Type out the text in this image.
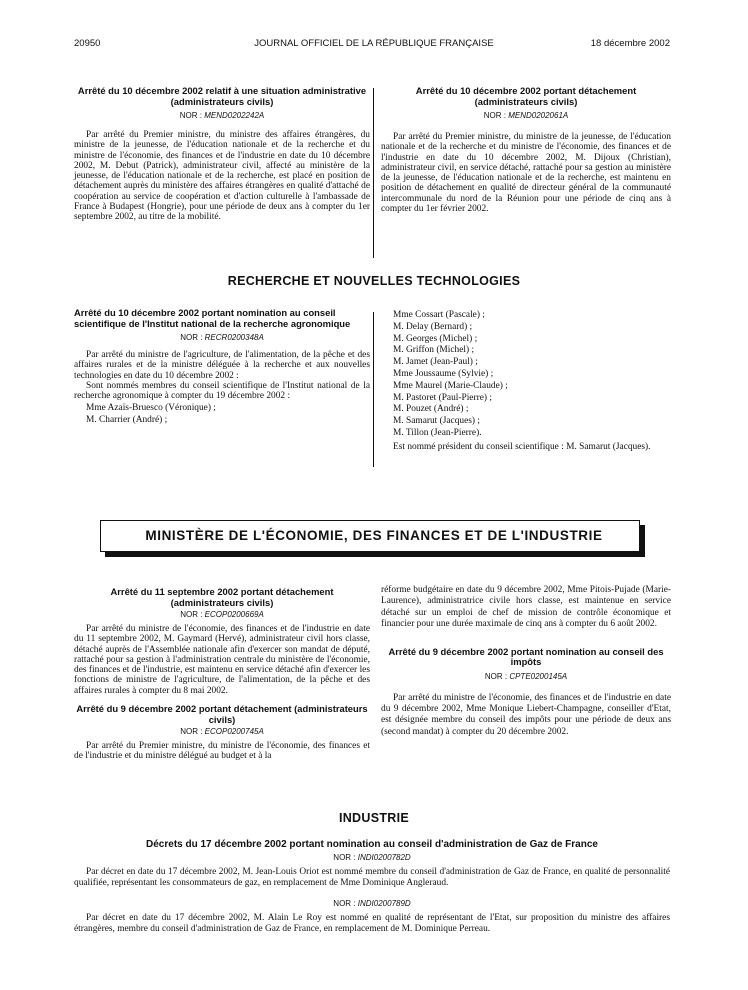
20950	JOURNAL OFFICIEL DE LA RÉPUBLIQUE FRANÇAISE	18 décembre 2002
Arrêté du 10 décembre 2002 relatif à une situation administrative (administrateurs civils)
NOR : MEND0202242A
Par arrêté du Premier ministre, du ministre des affaires étrangères, du ministre de la jeunesse, de l'éducation nationale et de la recherche et du ministre de l'économie, des finances et de l'industrie en date du 10 décembre 2002, M. Debut (Patrick), administrateur civil, affecté au ministère de la jeunesse, de l'éducation nationale et de la recherche, est placé en position de détachement auprès du ministère des affaires étrangères en qualité d'attaché de coopération au service de coopération et d'action culturelle à l'ambassade de France à Budapest (Hongrie), pour une période de deux ans à compter du 1er septembre 2002, au titre de la mobilité.
Arrêté du 10 décembre 2002 portant détachement (administrateurs civils)
NOR : MEND0202061A
Par arrêté du Premier ministre, du ministre de la jeunesse, de l'éducation nationale et de la recherche et du ministre de l'économie, des finances et de l'industrie en date du 10 décembre 2002, M. Dijoux (Christian), administrateur civil, en service détaché, rattaché pour sa gestion au ministère de la jeunesse, de l'éducation nationale et de la recherche, est maintenu en position de détachement en qualité de directeur général de la communauté intercommunale du nord de la Réunion pour une période de cinq ans à compter du 1er février 2002.
RECHERCHE ET NOUVELLES TECHNOLOGIES
Arrêté du 10 décembre 2002 portant nomination au conseil scientifique de l'Institut national de la recherche agronomique
NOR : RECR0200348A
Par arrêté du ministre de l'agriculture, de l'alimentation, de la pêche et des affaires rurales et de la ministre déléguée à la recherche et aux nouvelles technologies en date du 10 décembre 2002 :
Sont nommés membres du conseil scientifique de l'Institut national de la recherche agronomique à compter du 19 décembre 2002 :
Mme Azaïs-Bruesco (Véronique) ;
M. Charrier (André) ;
Mme Cossart (Pascale) ;
M. Delay (Bernard) ;
M. Georges (Michel) ;
M. Griffon (Michel) ;
M. Jamet (Jean-Paul) ;
Mme Joussaume (Sylvie) ;
Mme Maurel (Marie-Claude) ;
M. Pastoret (Paul-Pierre) ;
M. Pouzet (André) ;
M. Samarut (Jacques) ;
M. Tillon (Jean-Pierre).
Est nommé président du conseil scientifique : M. Samarut (Jacques).
MINISTÈRE DE L'ÉCONOMIE, DES FINANCES ET DE L'INDUSTRIE
Arrêté du 11 septembre 2002 portant détachement (administrateurs civils)
NOR : ECOP0200669A
Par arrêté du ministre de l'économie, des finances et de l'industrie en date du 11 septembre 2002, M. Gaymard (Hervé), administrateur civil hors classe, détaché auprès de l'Assemblée nationale afin d'exercer son mandat de député, rattaché pour sa gestion à l'administration centrale du ministère de l'économie, des finances et de l'industrie, est maintenu en service détaché afin d'exercer les fonctions de ministre de l'agriculture, de l'alimentation, de la pêche et des affaires rurales à compter du 8 mai 2002.
Arrêté du 9 décembre 2002 portant détachement (administrateurs civils)
NOR : ECOP0200745A
Par arrêté du Premier ministre, du ministre de l'économie, des finances et de l'industrie et du ministre délégué au budget et à la
réforme budgétaire en date du 9 décembre 2002, Mme Pitois-Pujade (Marie-Laurence), administratrice civile hors classe, est maintenue en service détaché sur un emploi de chef de mission de contrôle économique et financier pour une durée maximale de cinq ans à compter du 6 août 2002.
Arrêté du 9 décembre 2002 portant nomination au conseil des impôts
NOR : CPTE0200145A
Par arrêté du ministre de l'économie, des finances et de l'industrie en date du 9 décembre 2002, Mme Monique Liebert-Champagne, conseiller d'Etat, est désignée membre du conseil des impôts pour une période de deux ans (second mandat) à compter du 20 décembre 2002.
INDUSTRIE
Décrets du 17 décembre 2002 portant nomination au conseil d'administration de Gaz de France
NOR : INDI0200782D
Par décret en date du 17 décembre 2002, M. Jean-Louis Oriot est nommé membre du conseil d'administration de Gaz de France, en qualité de personnalité qualifiée, représentant les consommateurs de gaz, en remplacement de Mme Dominique Angleraud.
NOR : INDI0200789D
Par décret en date du 17 décembre 2002, M. Alain Le Roy est nommé en qualité de représentant de l'Etat, sur proposition du ministre des affaires étrangères, membre du conseil d'administration de Gaz de France, en remplacement de M. Dominique Perreau.
